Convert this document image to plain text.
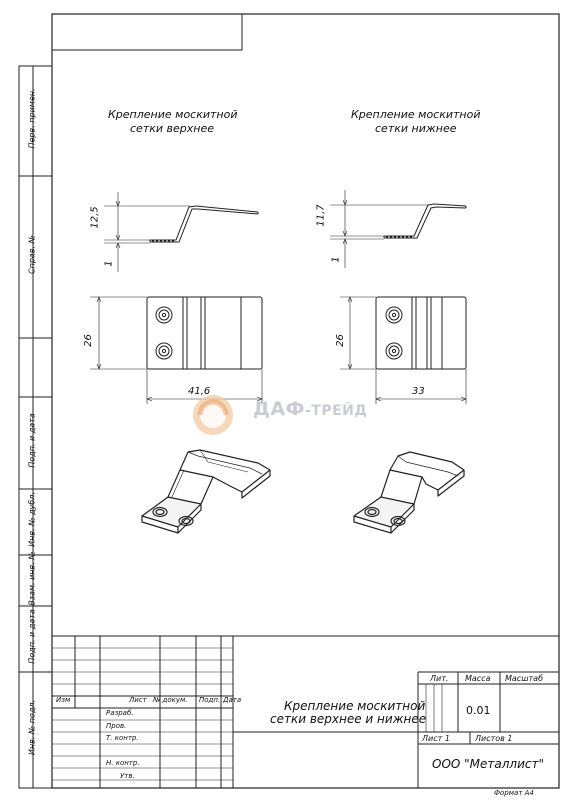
Перв. примен.
Справ. №
Подп. и дата
Инв. № дубл.
Взам. инв. №
Подп. и дата
Инв. № подл.
Крепление москитной
сетки верхнее
Крепление москитной
сетки нижнее
12,5
1
26
41,6
11,7
1
26
33
ДАФ-ТРЕЙД
Изм	Лист № докум. Подп. Дата
Разраб.
Пров.
Т. контр.
Н. контр.
Утв.
Крепление москитной
сетки верхнее и нижнее
Лит. Масса Масштаб
0.01
Лист 1	Листов 1
ООО "Металлист"
Формат А4
